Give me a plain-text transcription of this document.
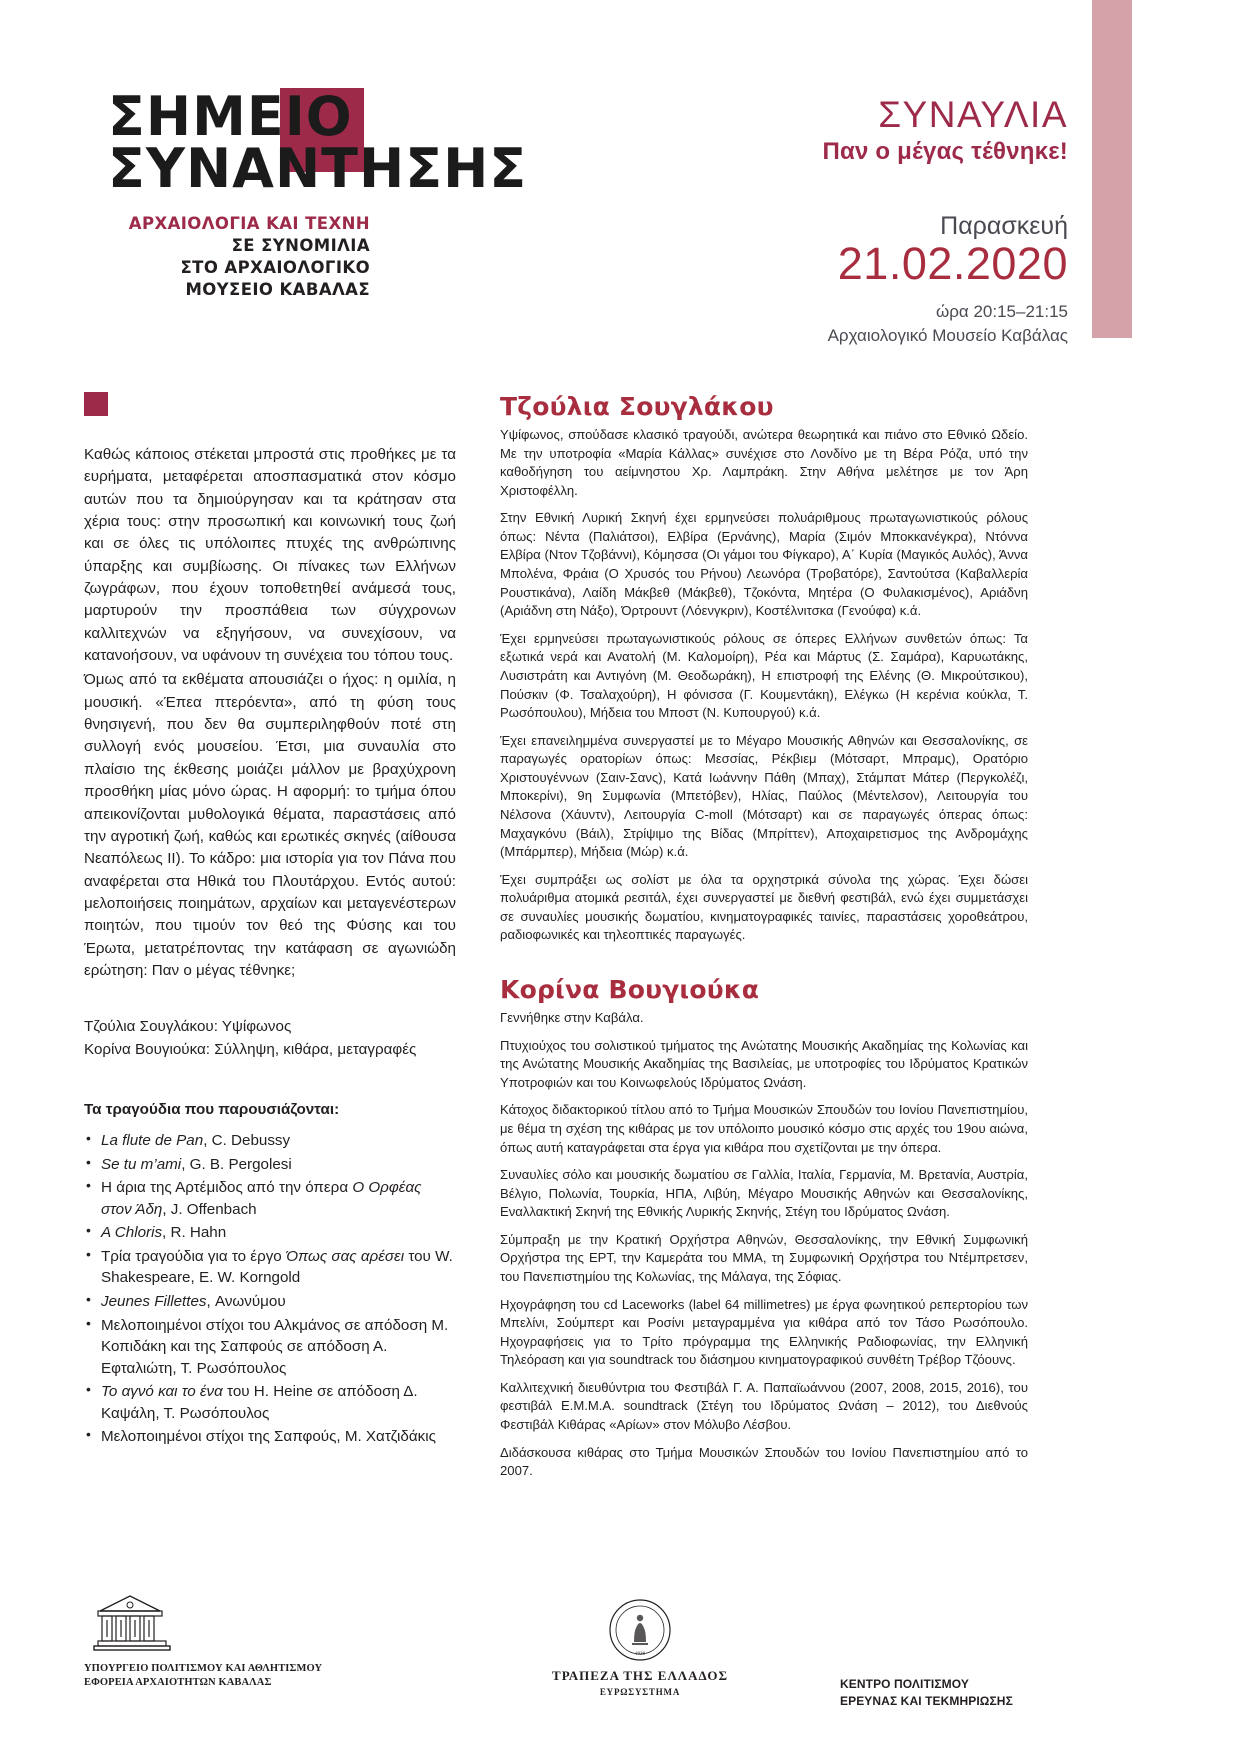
ΣΗΜΕΙΟ
ΣΥΝΑΝΤΗΣΗΣ
ΑΡΧΑΙΟΛΟΓΙΑ ΚΑΙ ΤΕΧΝΗ
ΣΕ ΣΥΝΟΜΙΛΙΑ
ΣΤΟ ΑΡΧΑΙΟΛΟΓΙΚΟ
ΜΟΥΣΕΙΟ ΚΑΒΑΛΑΣ
ΣΥΝΑΥΛΙΑ
Παν ο μέγας τέθνηκε!
Παρασκευή
21.02.2020
ώρα 20:15–21:15
Αρχαιολογικό Μουσείο Καβάλας

Καθώς κάποιος στέκεται μπροστά στις προθήκες με τα ευρήματα, μεταφέρεται αποσπασματικά στον κόσμο αυτών που τα δημιούργησαν και τα κράτησαν στα χέρια τους: στην προσωπική και κοινωνική τους ζωή και σε όλες τις υπόλοιπες πτυχές της ανθρώπινης ύπαρξης και συμβίωσης. Οι πίνακες των Ελλήνων ζωγράφων, που έχουν τοποθετηθεί ανάμεσά τους, μαρτυρούν την προσπάθεια των σύγχρονων καλλιτεχνών να εξηγήσουν, να συνεχίσουν, να κατανοήσουν, να υφάνουν τη συνέχεια του τόπου τους.

Όμως από τα εκθέματα απουσιάζει ο ήχος: η ομιλία, η μουσική. «Έπεα πτερόεντα», από τη φύση τους θνησιγενή, που δεν θα συμπεριληφθούν ποτέ στη συλλογή ενός μουσείου. Έτσι, μια συναυλία στο πλαίσιο της έκθεσης μοιάζει μάλλον με βραχύχρονη προσθήκη μίας μόνο ώρας. Η αφορμή: το τμήμα όπου απεικονίζονται μυθολογικά θέματα, παραστάσεις από την αγροτική ζωή, καθώς και ερωτικές σκηνές (αίθουσα Νεαπόλεως II). Το κάδρο: μια ιστορία για τον Πάνα που αναφέρεται στα Ηθικά του Πλουτάρχου. Εντός αυτού: μελοποιήσεις ποιημάτων, αρχαίων και μεταγενέστερων ποιητών, που τιμούν τον θεό της Φύσης και του Έρωτα, μετατρέποντας την κατάφαση σε αγωνιώδη ερώτηση: Παν ο μέγας τέθνηκε;

Τζούλια Σουγλάκου: Υψίφωνος
Κορίνα Βουγιούκα: Σύλληψη, κιθάρα, μεταγραφές
Τα τραγούδια που παρουσιάζονται:
• La flute de Pan, C. Debussy
• Se tu m’ami, G. B. Pergolesi
• Η άρια της Αρτέμιδος από την όπερα Ο Ορφέας στον Άδη, J. Offenbach
• A Chloris, R. Hahn
• Τρία τραγούδια για το έργο Όπως σας αρέσει του W. Shakespeare, E. W. Korngold
• Jeunes Fillettes, Ανωνύμου
• Μελοποιημένοι στίχοι του Αλκμάνος σε απόδοση Μ. Κοπιδάκη και της Σαπφούς σε απόδοση Α. Εφταλιώτη, Τ. Ρωσόπουλος
• Το αγνό και το ένα του H. Heine σε απόδοση Δ. Καψάλη, Τ. Ρωσόπουλος
• Μελοποιημένοι στίχοι της Σαπφούς, Μ. Χατζιδάκις
Τζούλια Σουγλάκου

Υψίφωνος, σπούδασε κλασικό τραγούδι, ανώτερα θεωρητικά και πιάνο στο Εθνικό Ωδείο. Με την υποτροφία «Μαρία Κάλλας» συνέχισε στο Λονδίνο με τη Βέρα Ρόζα, υπό την καθοδήγηση του αείμνηστου Χρ. Λαμπράκη. Στην Αθήνα μελέτησε με τον Άρη Χριστοφέλλη.

Στην Εθνική Λυρική Σκηνή έχει ερμηνεύσει πολυάριθμους πρωταγωνιστικούς ρόλους όπως: Νέντα (Παλιάτσοι), Ελβίρα (Ερνάνης), Μαρία (Σιμόν Μποκκανέγκρα), Ντόννα Ελβίρα (Ντον Τζοβάννι), Κόμησσα (Οι γάμοι του Φίγκαρο), Α΄ Κυρία (Μαγικός Αυλός), Άννα Μπολένα, Φράια (Ο Χρυσός του Ρήνου) Λεωνόρα (Τροβατόρε), Σαντούτσα (Καβαλλερία Ρουστικάνα), Λαίδη Μάκβεθ (Μάκβεθ), Τζοκόντα, Μητέρα (Ο Φυλακισμένος), Αριάδνη (Αριάδνη στη Νάξο), Όρτρουντ (Λόενγκριν), Κοστέλνιτσκα (Γενούφα) κ.ά.

Έχει ερμηνεύσει πρωταγωνιστικούς ρόλους σε όπερες Ελλήνων συνθετών όπως: Τα εξωτικά νερά και Ανατολή (Μ. Καλομοίρη), Ρέα και Μάρτυς (Σ. Σαμάρα), Καρυωτάκης, Λυσιστράτη και Αντιγόνη (Μ. Θεοδωράκη), Η επιστροφή της Ελένης (Θ. Μικρούτσικου), Πούσκιν (Φ. Τσαλαχούρη), Η φόνισσα (Γ. Κουμεντάκη), Ελέγκω (Η κερένια κούκλα, Τ. Ρωσόπουλου), Μήδεια του Μποστ (Ν. Κυπουργού) κ.ά.

Έχει επανειλημμένα συνεργαστεί με το Μέγαρο Μουσικής Αθηνών και Θεσσαλονίκης, σε παραγωγές ορατορίων όπως: Μεσσίας, Ρέκβιεμ (Μότσαρτ, Μπραμς), Ορατόριο Χριστουγέννων (Σαιν-Σανς), Κατά Ιωάννην Πάθη (Μπαχ), Στάμπατ Μάτερ (Περγκολέζι, Μποκερίνι), 9η Συμφωνία (Μπετόβεν), Ηλίας, Παύλος (Μέντελσον), Λειτουργία του Νέλσονα (Χάυντν), Λειτουργία C-moll (Μότσαρτ) και σε παραγωγές όπερας όπως: Μαχαγκόνυ (Βάιλ), Στρίψιμο της Βίδας (Μπρίττεν), Αποχαιρετισμος της Ανδρομάχης (Μπάρμπερ), Μήδεια (Μώρ) κ.ά.

Έχει συμπράξει ως σολίστ με όλα τα ορχηστρικά σύνολα της χώρας. Έχει δώσει πολυάριθμα ατομικά ρεσιτάλ, έχει συνεργαστεί με διεθνή φεστιβάλ, ενώ έχει συμμετάσχει σε συναυλίες μουσικής δωματίου, κινηματογραφικές ταινίες, παραστάσεις χοροθεάτρου, ραδιοφωνικές και τηλεοπτικές παραγωγές.

Κορίνα Βουγιούκα

Γεννήθηκε στην Καβάλα.

Πτυχιούχος του σολιστικού τμήματος της Ανώτατης Μουσικής Ακαδημίας της Κολωνίας και της Ανώτατης Μουσικής Ακαδημίας της Βασιλείας, με υποτροφίες του Ιδρύματος Κρατικών Υποτροφιών και του Κοινωφελούς Ιδρύματος Ωνάση.

Κάτοχος διδακτορικού τίτλου από το Τμήμα Μουσικών Σπουδών του Ιονίου Πανεπιστημίου, με θέμα τη σχέση της κιθάρας με τον υπόλοιπο μουσικό κόσμο στις αρχές του 19ου αιώνα, όπως αυτή καταγράφεται στα έργα για κιθάρα που σχετίζονται με την όπερα.

Συναυλίες σόλο και μουσικής δωματίου σε Γαλλία, Ιταλία, Γερμανία, Μ. Βρετανία, Αυστρία, Βέλγιο, Πολωνία, Τουρκία, ΗΠΑ, Λιβύη, Μέγαρο Μουσικής Αθηνών και Θεσσαλονίκης, Εναλλακτική Σκηνή της Εθνικής Λυρικής Σκηνής, Στέγη του Ιδρύματος Ωνάση.

Σύμπραξη με την Κρατική Ορχήστρα Αθηνών, Θεσσαλονίκης, την Εθνική Συμφωνική Ορχήστρα της ΕΡΤ, την Καμεράτα του ΜΜΑ, τη Συμφωνική Ορχήστρα του Ντέμπρετσεν, του Πανεπιστημίου της Κολωνίας, της Μάλαγα, της Σόφιας.

Ηχογράφηση του cd Laceworks (label 64 millimetres) με έργα φωνητικού ρεπερτορίου των Μπελίνι, Σούμπερτ και Ροσίνι μεταγραμμένα για κιθάρα από τον Τάσο Ρωσόπουλο. Ηχογραφήσεις για το Τρίτο πρόγραμμα της Ελληνικής Ραδιοφωνίας, την Ελληνική Τηλεόραση και για soundtrack του διάσημου κινηματογραφικού συνθέτη Τρέβορ Τζόουνς.

Καλλιτεχνική διευθύντρια του Φεστιβάλ Γ. Α. Παπαϊωάννου (2007, 2008, 2015, 2016), του φεστιβάλ Ε.Μ.Μ.Α. soundtrack (Στέγη του Ιδρύματος Ωνάση – 2012), του Διεθνούς Φεστιβάλ Κιθάρας «Αρίων» στον Μόλυβο Λέσβου.

Διδάσκουσα κιθάρας στο Τμήμα Μουσικών Σπουδών του Ιονίου Πανεπιστημίου από το 2007.

ΥΠΟΥΡΓΕΙΟ ΠΟΛΙΤΙΣΜΟΥ ΚΑΙ ΑΘΛΗΤΙΣΜΟΥ
ΕΦΟΡΕΙΑ ΑΡΧΑΙΟΤΗΤΩΝ ΚΑΒΑΛΑΣ
1928
ΤΡΑΠΕΖΑ ΤΗΣ ΕΛΛΑΔΟΣ
ΕΥΡΩΣΥΣΤΗΜΑ
ΚΕΝΤΡΟ ΠΟΛΙΤΙΣΜΟΥ
ΕΡΕΥΝΑΣ ΚΑΙ ΤΕΚΜΗΡΙΩΣΗΣ
